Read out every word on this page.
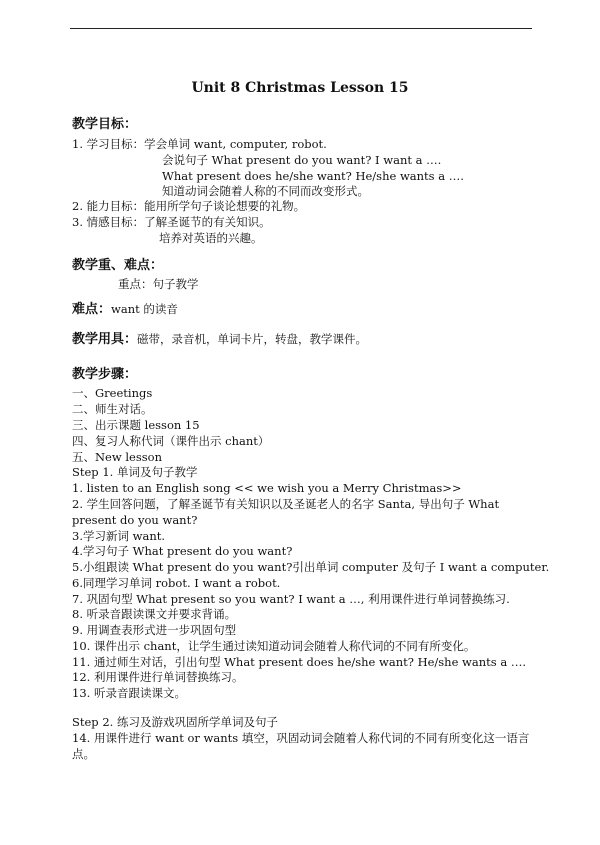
Unit 8 Christmas Lesson 15
教学目标：
1. 学习目标：学会单词 want, computer, robot.
会说句子 What present do you want? I want a ….
What present does he/she want? He/she wants a ….
知道动词会随着人称的不同而改变形式。
2. 能力目标：能用所学句子谈论想要的礼物。
3. 情感目标：了解圣诞节的有关知识。
培养对英语的兴趣。
教学重、难点：
重点：句子教学
难点：want 的读音
教学用具：磁带，录音机，单词卡片，转盘，教学课件。
教学步骤：
一、Greetings
二、师生对话。
三、出示课题 lesson 15
四、复习人称代词（课件出示 chant）
五、New lesson
Step 1. 单词及句子教学
1. listen to an English song << we wish you a Merry Christmas>>
2. 学生回答问题，了解圣诞节有关知识以及圣诞老人的名字 Santa, 导出句子 What
present do you want?
3.学习新词 want.
4.学习句子 What present do you want?
5.小组跟读 What present do you want?引出单词 computer 及句子 I want a computer.
6.同理学习单词 robot. I want a robot.
7. 巩固句型 What present so you want? I want a …, 利用课件进行单词替换练习.
8. 听录音跟读课文并要求背诵。
9. 用调查表形式进一步巩固句型
10. 课件出示 chant，让学生通过读知道动词会随着人称代词的不同有所变化。
11. 通过师生对话，引出句型 What present does he/she want? He/she wants a ….
12. 利用课件进行单词替换练习。
13. 听录音跟读课文。
Step 2. 练习及游戏巩固所学单词及句子
14. 用课件进行 want or wants 填空，巩固动词会随着人称代词的不同有所变化这一语言
点。
